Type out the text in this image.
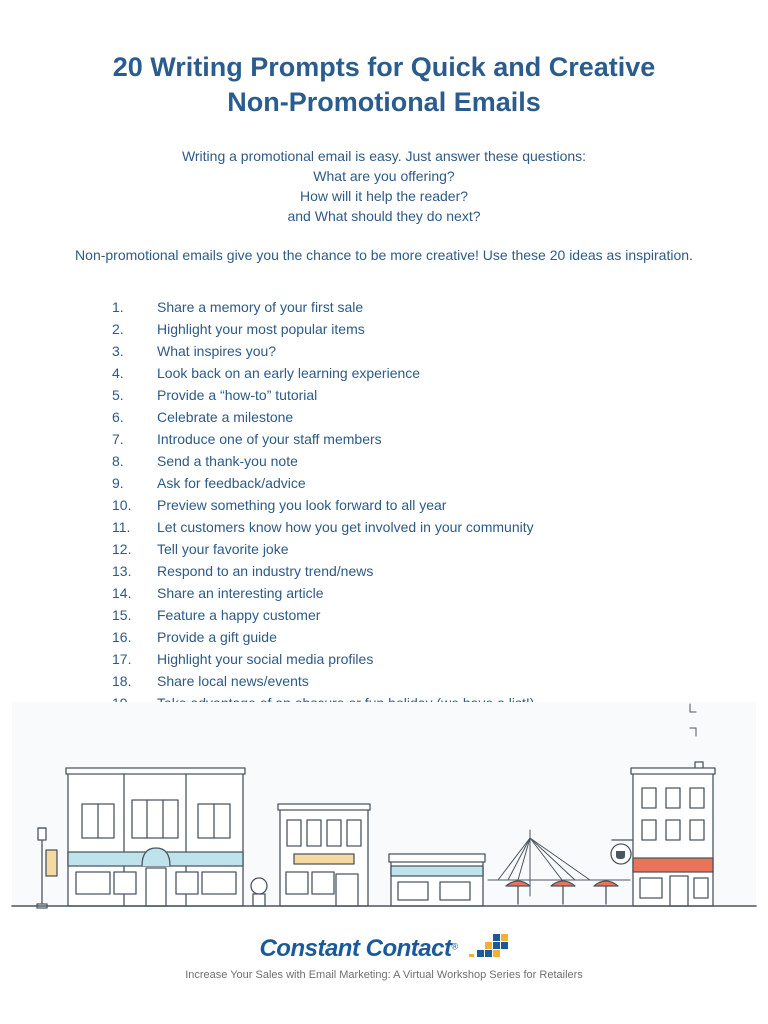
20 Writing Prompts for Quick and Creative
Non-Promotional Emails
Writing a promotional email is easy. Just answer these questions:
What are you offering?
How will it help the reader?
and What should they do next?
Non-promotional emails give you the chance to be more creative! Use these 20 ideas as inspiration.
1. Share a memory of your first sale
2. Highlight your most popular items
3. What inspires you?
4. Look back on an early learning experience
5. Provide a “how-to” tutorial
6. Celebrate a milestone
7. Introduce one of your staff members
8. Send a thank-you note
9. Ask for feedback/advice
10. Preview something you look forward to all year
11. Let customers know how you get involved in your community
12. Tell your favorite joke
13. Respond to an industry trend/news
14. Share an interesting article
15. Feature a happy customer
16. Provide a gift guide
17. Highlight your social media profiles
18. Share local news/events
Constant Contact®
Increase Your Sales with Email Marketing: A Virtual Workshop Series for Retailers
